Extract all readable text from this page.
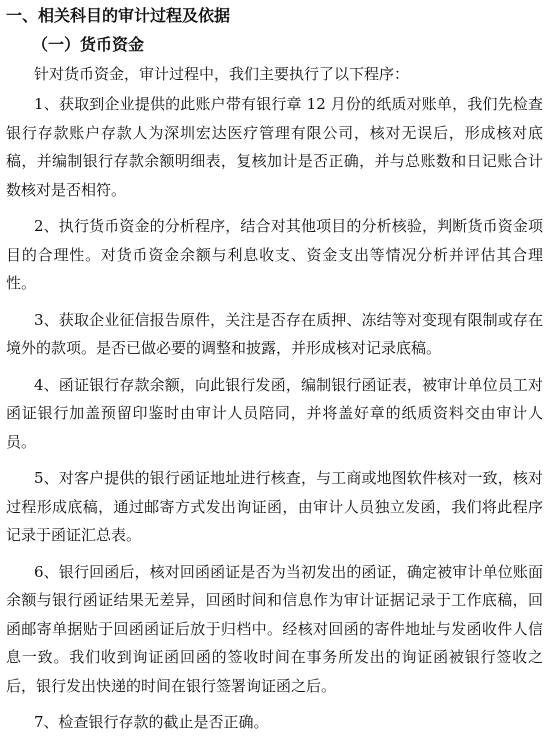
一、相关科目的审计过程及依据
（一）货币资金

针对货币资金，审计过程中，我们主要执行了以下程序：

1、获取到企业提供的此账户带有银行章 12 月份的纸质对账单，我们先检查银行存款账户存款人为深圳宏达医疗管理有限公司，核对无误后，形成核对底稿，并编制银行存款余额明细表，复核加计是否正确，并与总账数和日记账合计数核对是否相符。

2、执行货币资金的分析程序，结合对其他项目的分析核验，判断货币资金项目的合理性。对货币资金余额与利息收支、资金支出等情况分析并评估其合理性。

3、获取企业征信报告原件，关注是否存在质押、冻结等对变现有限制或存在境外的款项。是否已做必要的调整和披露，并形成核对记录底稿。

4、函证银行存款余额，向此银行发函，编制银行函证表，被审计单位员工对函证银行加盖预留印鉴时由审计人员陪同，并将盖好章的纸质资料交由审计人员。

5、对客户提供的银行函证地址进行核查，与工商或地图软件核对一致，核对过程形成底稿，通过邮寄方式发出询证函，由审计人员独立发函，我们将此程序记录于函证汇总表。

6、银行回函后，核对回函函证是否为当初发出的函证，确定被审计单位账面余额与银行函证结果无差异，回函时间和信息作为审计证据记录于工作底稿，回函邮寄单据贴于回函函证后放于归档中。经核对回函的寄件地址与发函收件人信息一致。我们收到询证函回函的签收时间在事务所发出的询证函被银行签收之后，银行发出快递的时间在银行签署询证函之后。

7、检查银行存款的截止是否正确。
